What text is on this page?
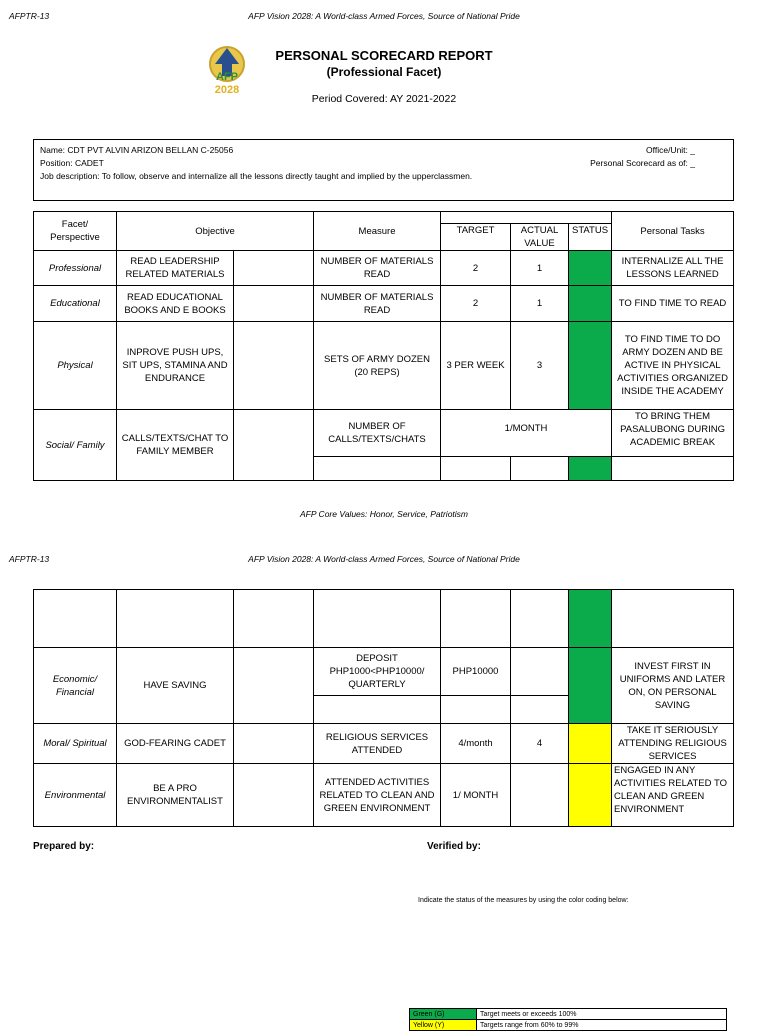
AFPTR-13	AFP Vision 2028: A World-class Armed Forces, Source of National Pride
AFP
2028
PERSONAL SCORECARD REPORT
(Professional Facet)
Period Covered: AY 2021-2022
Name: CDT PVT ALVIN ARIZON BELLAN C-25056
Position: CADET
Job description: To follow, observe and internalize all the lessons directly taught and implied by the upperclassmen.
Office/Unit: _
Personal Scorecard as of: _
Facet/
Perspective	Objective		Measure				Personal Tasks
				TARGET	ACTUAL VALUE	STATUS	
Professional	READ LEADERSHIP RELATED MATERIALS		NUMBER OF MATERIALS READ	2	1		INTERNALIZE ALL THE LESSONS LEARNED
Educational	READ EDUCATIONAL BOOKS AND E BOOKS		NUMBER OF MATERIALS READ	2	1		TO FIND TIME TO READ
Physical	INPROVE PUSH UPS, SIT UPS, STAMINA AND ENDURANCE		SETS OF ARMY DOZEN (20 REPS)	3 PER WEEK	3		TO FIND TIME TO DO ARMY DOZEN AND BE ACTIVE IN PHYSICAL ACTIVITIES ORGANIZED INSIDE THE ACADEMY
Social/ Family	CALLS/TEXTS/CHAT TO FAMILY MEMBER		NUMBER OF CALLS/TEXTS/CHATS	1/MONTH			TO BRING THEM PASALUBONG DURING ACADEMIC BREAK

AFP Core Values: Honor, Service, Patriotism
AFPTR-13	AFP Vision 2028: A World-class Armed Forces, Source of National Pride

Economic/ Financial	HAVE SAVING		DEPOSIT PHP1000<PHP10000/ QUARTERLY	PHP10000			INVEST FIRST IN UNIFORMS AND LATER ON, ON PERSONAL SAVING

Moral/ Spiritual	GOD-FEARING CADET		RELIGIOUS SERVICES ATTENDED	4/month	4		TAKE IT SERIOUSLY ATTENDING RELIGIOUS SERVICES
Environmental	BE A PRO ENVIRONMENTALIST		ATTENDED ACTIVITIES RELATED TO CLEAN AND GREEN ENVIRONMENT	1/ MONTH			ENGAGED IN ANY ACTIVITIES RELATED TO CLEAN AND GREEN ENVIRONMENT
Prepared by:	Verified by:
Indicate the status of the measures by using the color coding below:
Green (G)	Target meets or exceeds 100%
Yellow (Y)	Targets range from 60% to 99%
